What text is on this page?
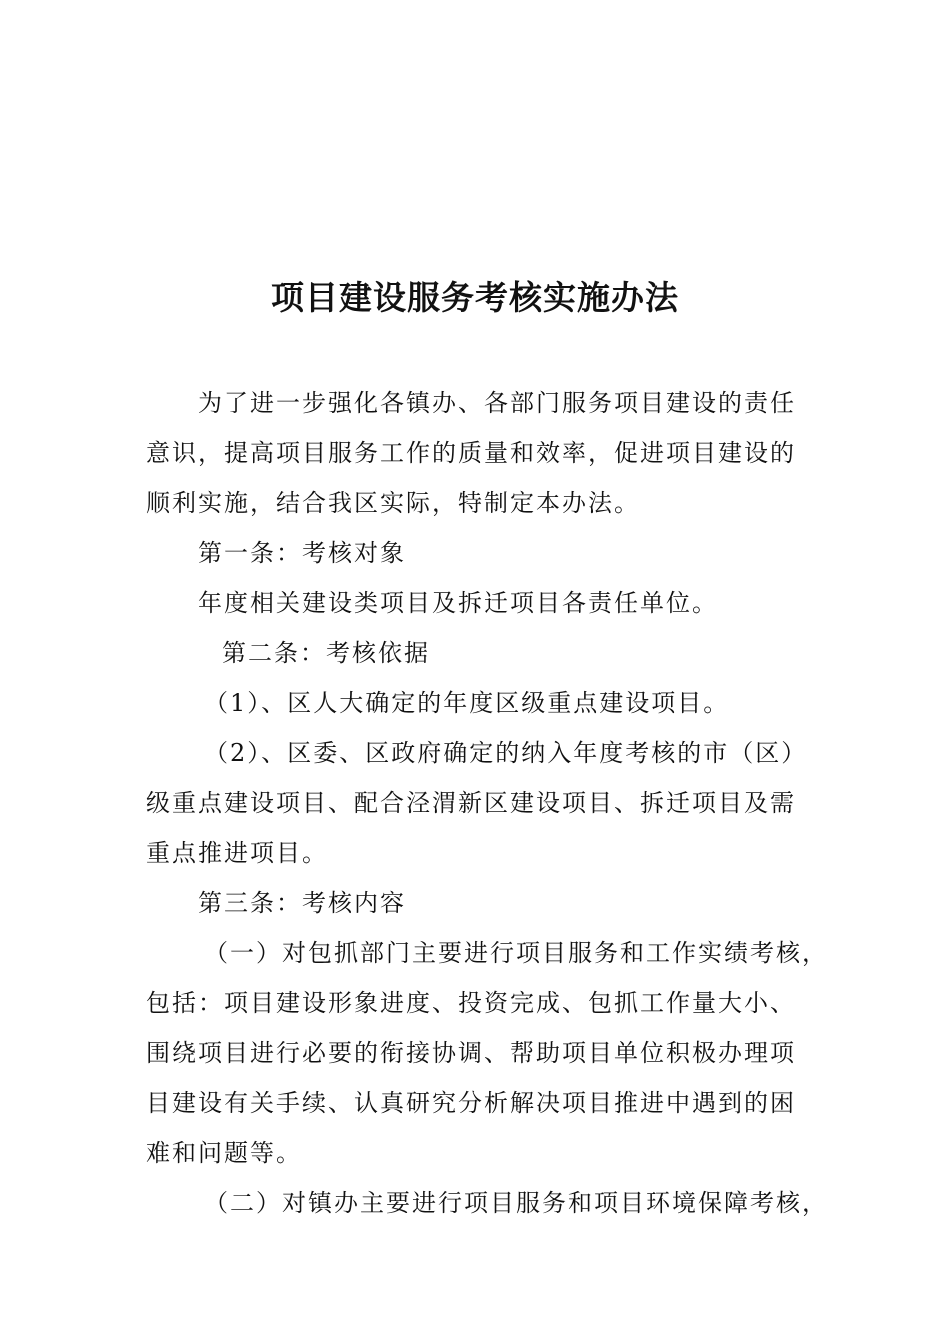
项目建设服务考核实施办法

为了进一步强化各镇办、各部门服务项目建设的责任

意识，提高项目服务工作的质量和效率，促进项目建设的

顺利实施，结合我区实际，特制定本办法。

第一条：考核对象

年度相关建设类项目及拆迁项目各责任单位。

第二条：考核依据

（1）、区人大确定的年度区级重点建设项目。

（2）、区委、区政府确定的纳入年度考核的市（区）

级重点建设项目、配合泾渭新区建设项目、拆迁项目及需

重点推进项目。

第三条：考核内容

（一）对包抓部门主要进行项目服务和工作实绩考核，

包括：项目建设形象进度、投资完成、包抓工作量大小、

围绕项目进行必要的衔接协调、帮助项目单位积极办理项

目建设有关手续、认真研究分析解决项目推进中遇到的困

难和问题等。

（二）对镇办主要进行项目服务和项目环境保障考核，
